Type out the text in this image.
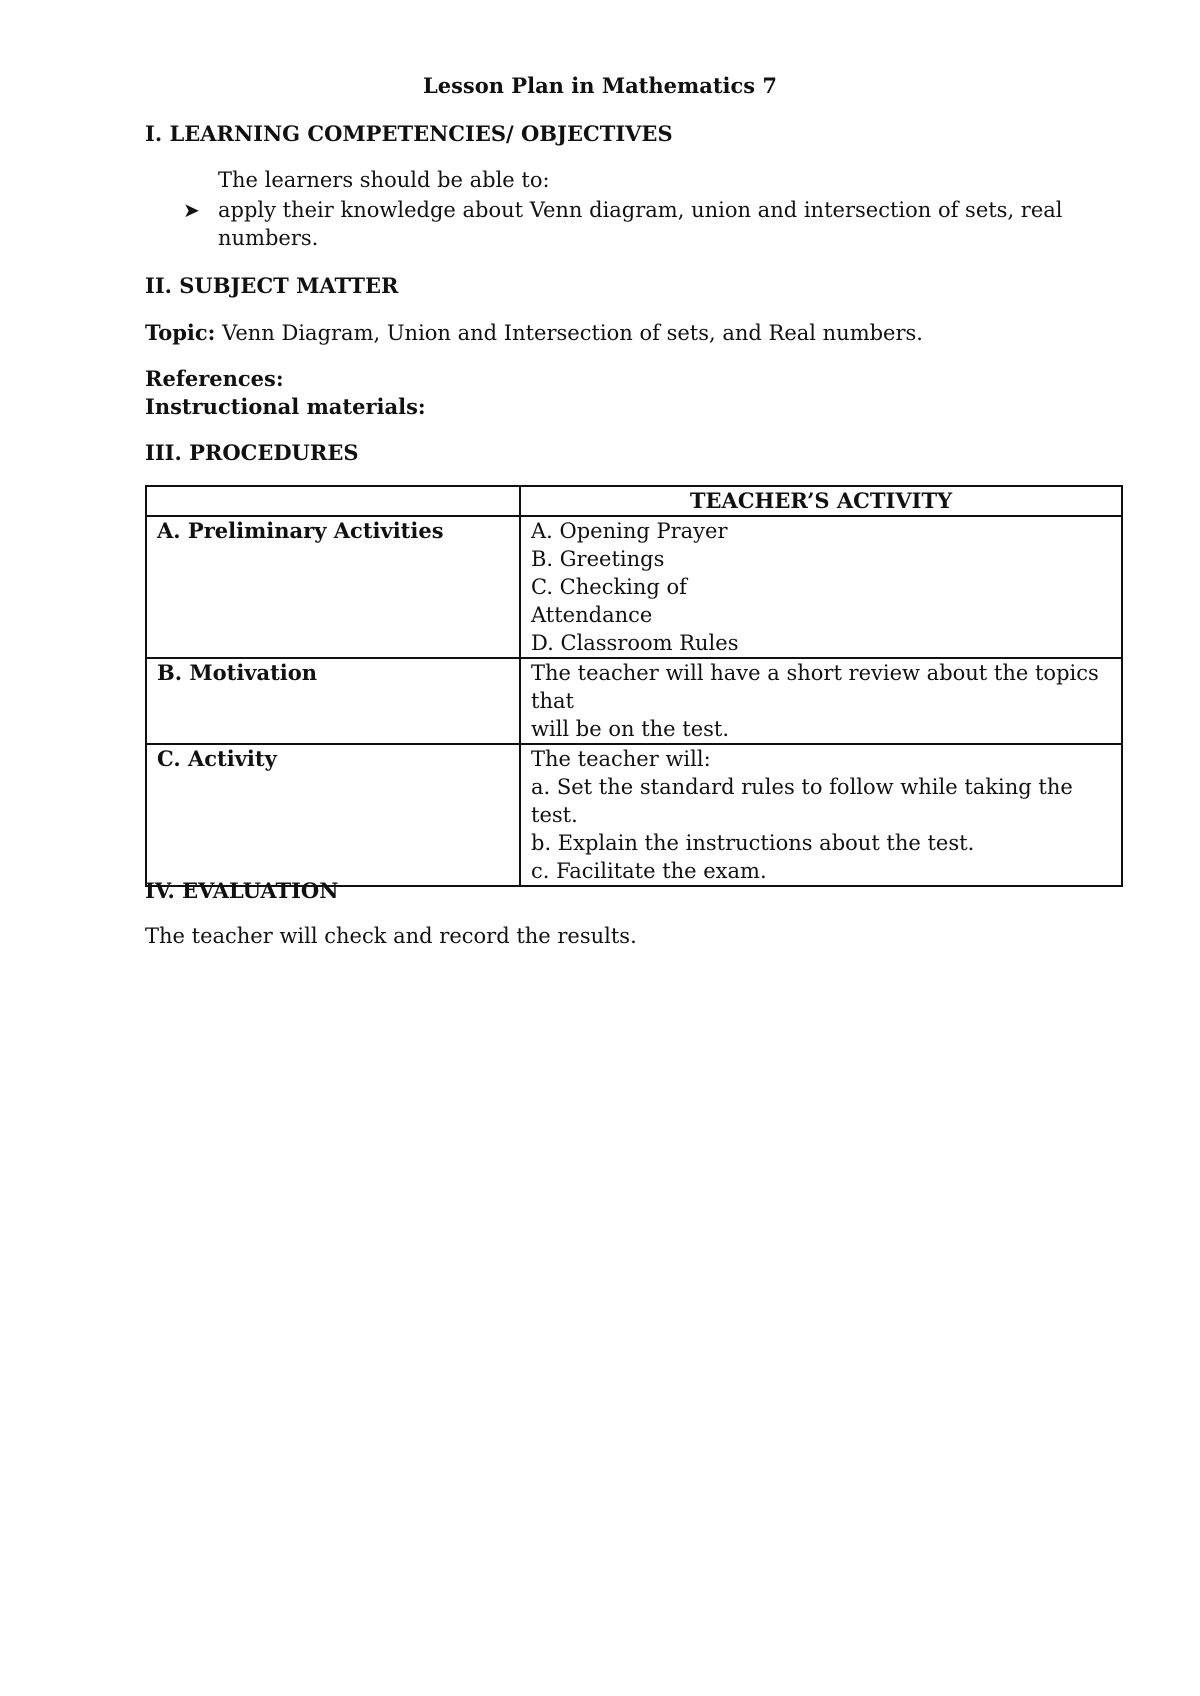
Lesson Plan in Mathematics 7
I. LEARNING COMPETENCIES/ OBJECTIVES
The learners should be able to:
➤ apply their knowledge about Venn diagram, union and intersection of sets, real
numbers.
II. SUBJECT MATTER
Topic: Venn Diagram, Union and Intersection of sets, and Real numbers.
References:
Instructional materials:
III. PROCEDURES
	TEACHER’S ACTIVITY
A. Preliminary Activities	A. Opening Prayer
B. Greetings
C. Checking of
Attendance
D. Classroom Rules

B. Motivation	The teacher will have a short review about the topics that
will be on the test.

C. Activity	The teacher will:
a. Set the standard rules to follow while taking the test.
b. Explain the instructions about the test.
c. Facilitate the exam.
IV. EVALUATION
The teacher will check and record the results.
